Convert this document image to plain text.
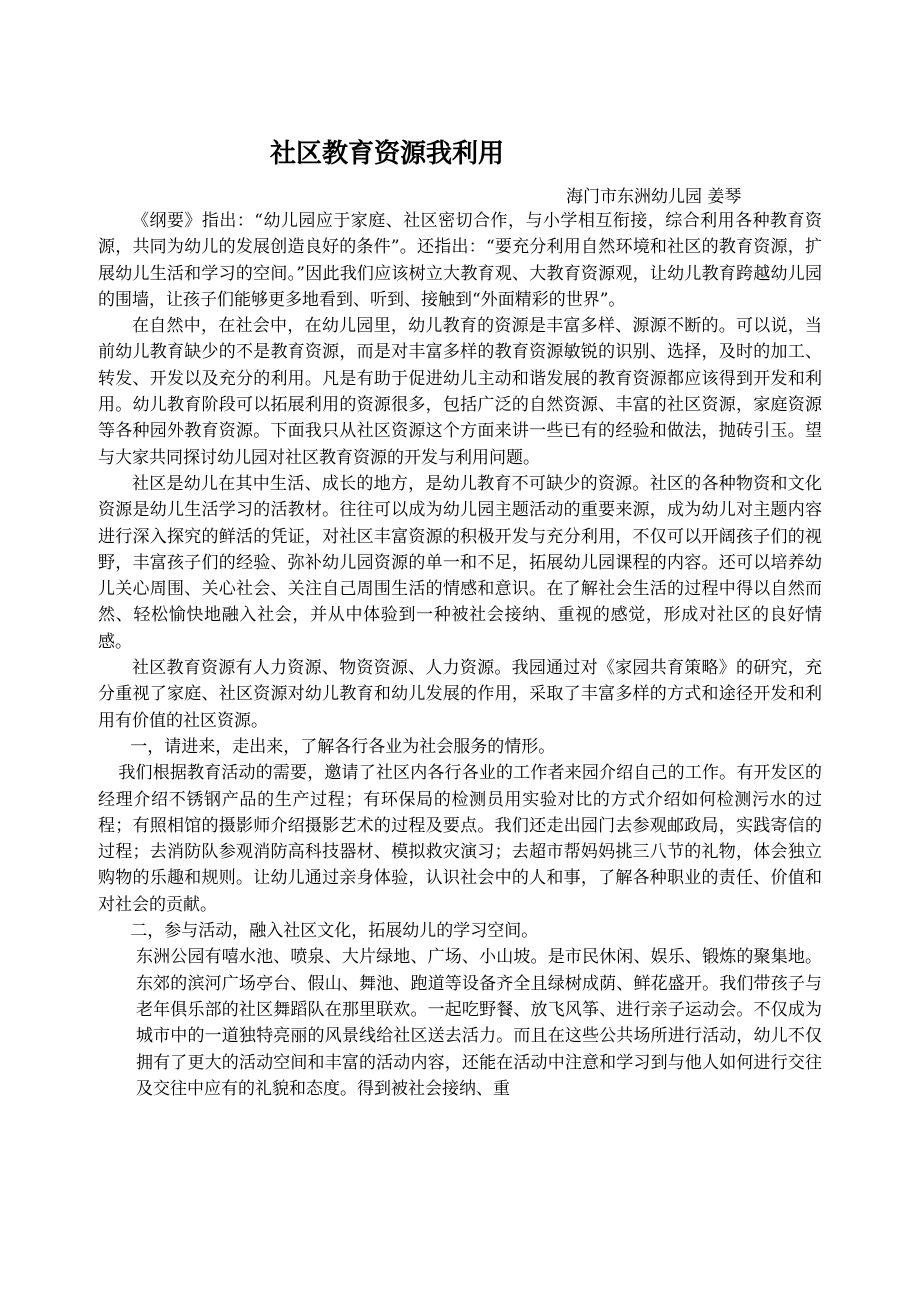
社区教育资源我利用

海门市东洲幼儿园 姜琴

《纲要》指出：“幼儿园应于家庭、社区密切合作，与小学相互衔接，综合利用各种教育资源，共同为幼儿的发展创造良好的条件”。还指出：“要充分利用自然环境和社区的教育资源，扩展幼儿生活和学习的空间。”因此我们应该树立大教育观、大教育资源观，让幼儿教育跨越幼儿园的围墙，让孩子们能够更多地看到、听到、接触到“外面精彩的世界”。

在自然中，在社会中，在幼儿园里，幼儿教育的资源是丰富多样、源源不断的。可以说，当前幼儿教育缺少的不是教育资源，而是对丰富多样的教育资源敏锐的识别、选择，及时的加工、转发、开发以及充分的利用。凡是有助于促进幼儿主动和谐发展的教育资源都应该得到开发和利用。幼儿教育阶段可以拓展利用的资源很多，包括广泛的自然资源、丰富的社区资源，家庭资源等各种园外教育资源。下面我只从社区资源这个方面来讲一些已有的经验和做法，抛砖引玉。望与大家共同探讨幼儿园对社区教育资源的开发与利用问题。

社区是幼儿在其中生活、成长的地方，是幼儿教育不可缺少的资源。社区的各种物资和文化资源是幼儿生活学习的活教材。往往可以成为幼儿园主题活动的重要来源，成为幼儿对主题内容进行深入探究的鲜活的凭证，对社区丰富资源的积极开发与充分利用，不仅可以开阔孩子们的视野，丰富孩子们的经验、弥补幼儿园资源的单一和不足，拓展幼儿园课程的内容。还可以培养幼儿关心周围、关心社会、关注自己周围生活的情感和意识。在了解社会生活的过程中得以自然而然、轻松愉快地融入社会，并从中体验到一种被社会接纳、重视的感觉，形成对社区的良好情感。

社区教育资源有人力资源、物资资源、人力资源。我园通过对《家园共育策略》的研究，充分重视了家庭、社区资源对幼儿教育和幼儿发展的作用，采取了丰富多样的方式和途径开发和利用有价值的社区资源。

一，请进来，走出来，了解各行各业为社会服务的情形。

我们根据教育活动的需要，邀请了社区内各行各业的工作者来园介绍自己的工作。有开发区的经理介绍不锈钢产品的生产过程；有环保局的检测员用实验对比的方式介绍如何检测污水的过程；有照相馆的摄影师介绍摄影艺术的过程及要点。我们还走出园门去参观邮政局，实践寄信的过程；去消防队参观消防高科技器材、模拟救灾演习；去超市帮妈妈挑三八节的礼物，体会独立购物的乐趣和规则。让幼儿通过亲身体验，认识社会中的人和事，了解各种职业的责任、价值和对社会的贡献。

二，参与活动，融入社区文化，拓展幼儿的学习空间。

东洲公园有嘻水池、喷泉、大片绿地、广场、小山坡。是市民休闲、娱乐、锻炼的聚集地。东郊的滨河广场亭台、假山、舞池、跑道等设备齐全且绿树成荫、鲜花盛开。我们带孩子与老年俱乐部的社区舞蹈队在那里联欢。一起吃野餐、放飞风筝、进行亲子运动会。不仅成为城市中的一道独特亮丽的风景线给社区送去活力。而且在这些公共场所进行活动，幼儿不仅拥有了更大的活动空间和丰富的活动内容，还能在活动中注意和学习到与他人如何进行交往及交往中应有的礼貌和态度。得到被社会接纳、重
